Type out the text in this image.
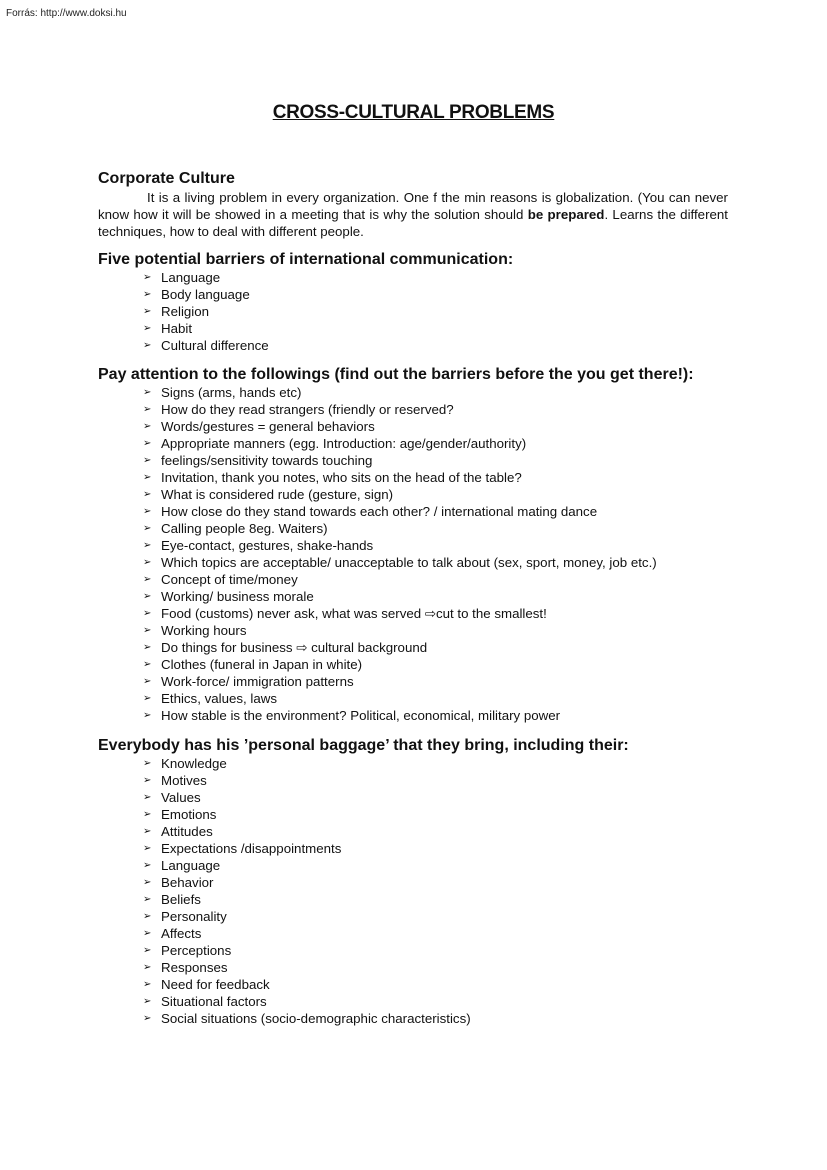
Forrás: http://www.doksi.hu
CROSS-CULTURAL PROBLEMS
Corporate Culture

It is a living problem in every organization. One f the min reasons is globalization. (You can never know how it will be showed in a meeting that is why the solution should be prepared. Learns the different techniques, how to deal with different people.

Five potential barriers of international communication:
➢ Language
➢ Body language
➢ Religion
➢ Habit
➢ Cultural difference
Pay attention to the followings (find out the barriers before the you get there!):
➢ Signs (arms, hands etc)
➢ How do they read strangers (friendly or reserved?
➢ Words/gestures = general behaviors
➢ Appropriate manners (egg. Introduction: age/gender/authority)
➢ feelings/sensitivity towards touching
➢ Invitation, thank you notes, who sits on the head of the table?
➢ What is considered rude (gesture, sign)
➢ How close do they stand towards each other? / international mating dance
➢ Calling people 8eg. Waiters)
➢ Eye-contact, gestures, shake-hands
➢ Which topics are acceptable/ unacceptable to talk about (sex, sport, money, job etc.)
➢ Concept of time/money
➢ Working/ business morale
➢ Food (customs) never ask, what was served ⇨cut to the smallest!
➢ Working hours
➢ Do things for business ⇨ cultural background
➢ Clothes (funeral in Japan in white)
➢ Work-force/ immigration patterns
➢ Ethics, values, laws
➢ How stable is the environment? Political, economical, military power
Everybody has his ’personal baggage’ that they bring, including their:
➢ Knowledge
➢ Motives
➢ Values
➢ Emotions
➢ Attitudes
➢ Expectations /disappointments
➢ Language
➢ Behavior
➢ Beliefs
➢ Personality
➢ Affects
➢ Perceptions
➢ Responses
➢ Need for feedback
➢ Situational factors
➢ Social situations (socio-demographic characteristics)
